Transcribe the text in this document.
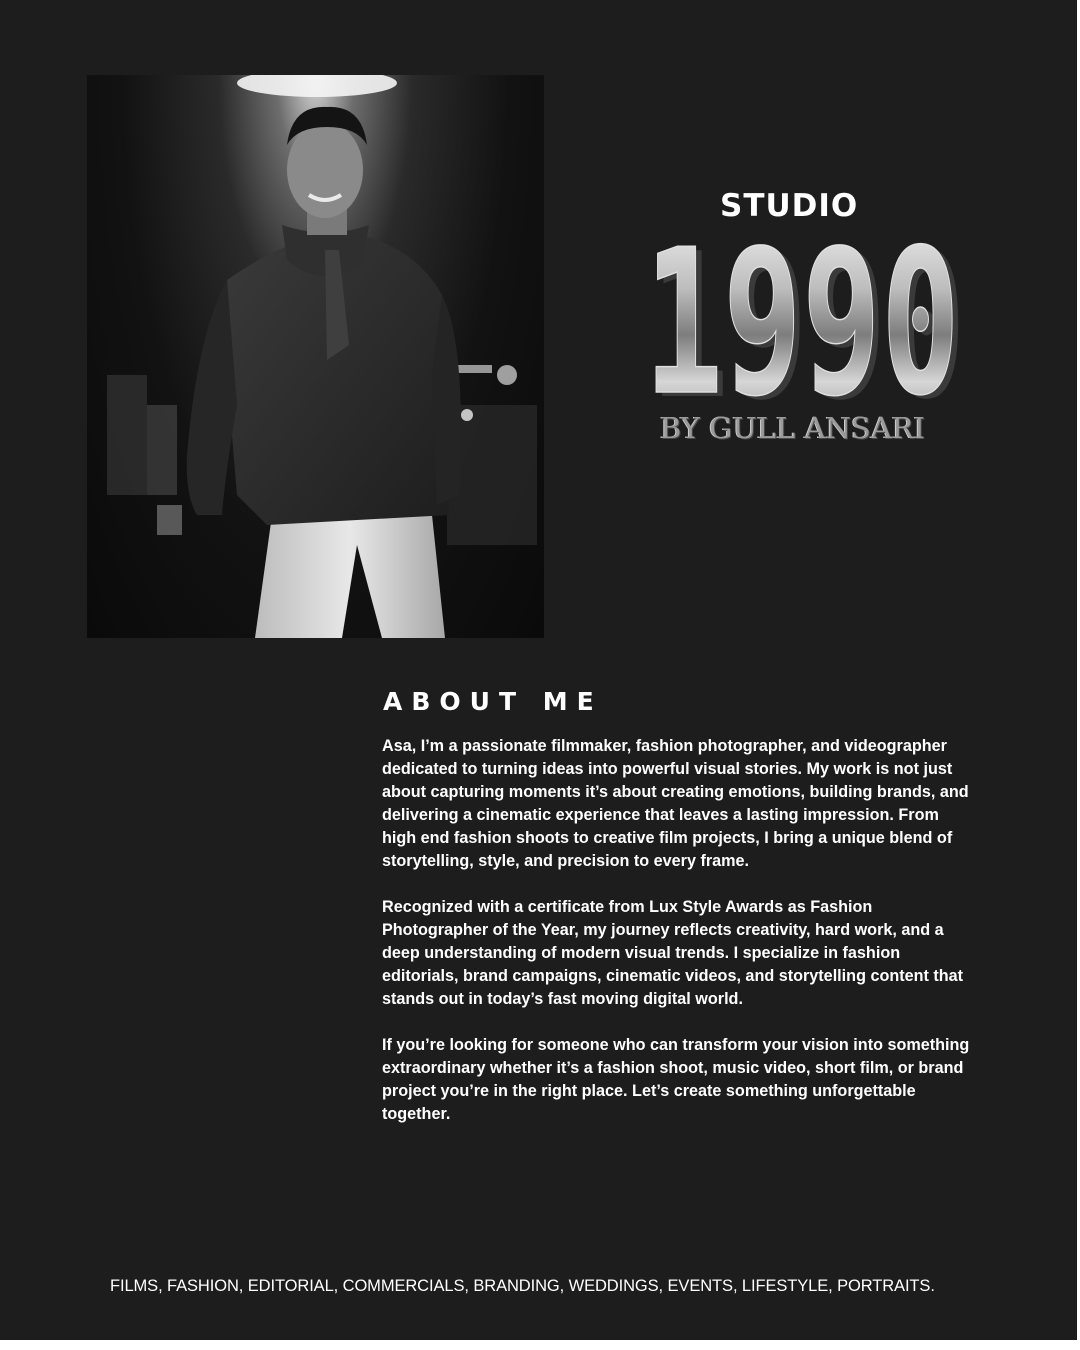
STUDIO
1990
1990
BY GULL ANSARI
ABOUT ME

Asa, I’m a passionate filmmaker, fashion photographer, and videographer dedicated to turning ideas into powerful visual stories. My work is not just about capturing moments it’s about creating emotions, building brands, and delivering a cinematic experience that leaves a lasting impression. From high end fashion shoots to creative film projects, I bring a unique blend of storytelling, style, and precision to every frame.

Recognized with a certificate from Lux Style Awards as Fashion Photographer of the Year, my journey reflects creativity, hard work, and a deep understanding of modern visual trends. I specialize in fashion editorials, brand campaigns, cinematic videos, and storytelling content that stands out in today’s fast moving digital world.

If you’re looking for someone who can transform your vision into something extraordinary whether it’s a fashion shoot, music video, short film, or brand project you’re in the right place. Let’s create something unforgettable together.

FILMS, FASHION, EDITORIAL, COMMERCIALS, BRANDING, WEDDINGS, EVENTS, LIFESTYLE, PORTRAITS.
